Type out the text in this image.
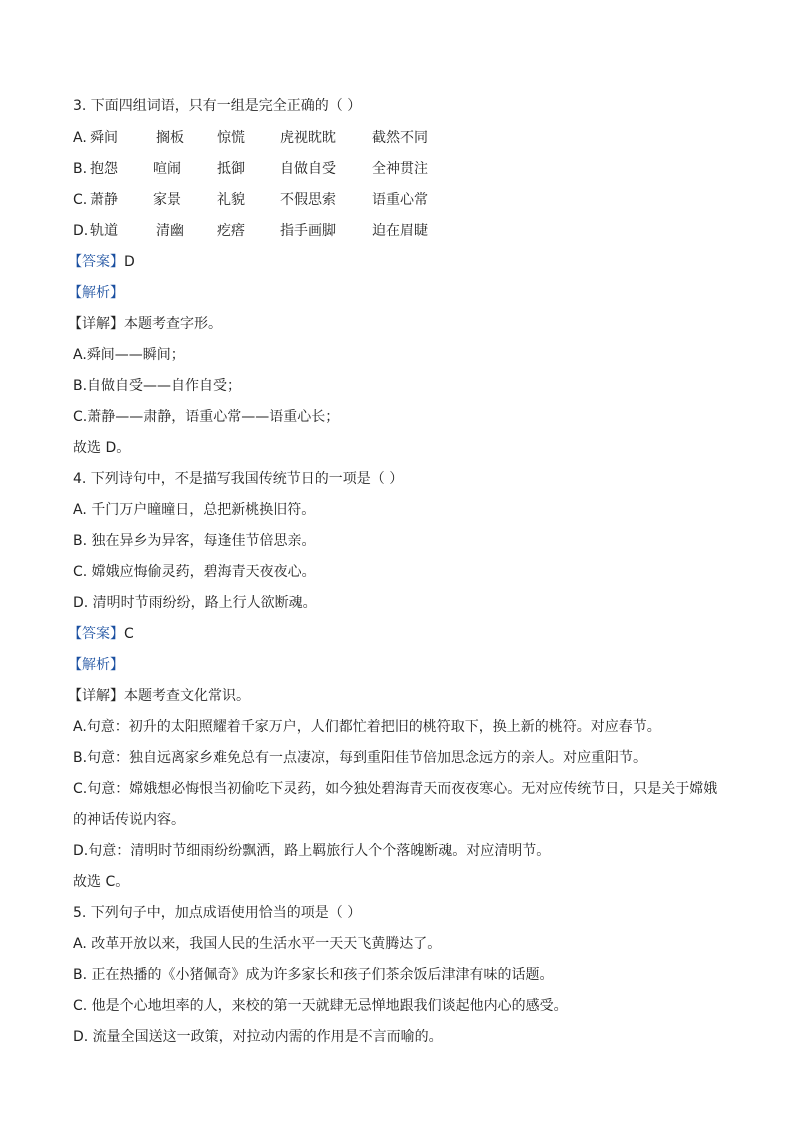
3. 下面四组词语，只有一组是完全正确的（ ）
A. 舜间	搁板 惊慌	虎视眈眈	截然不同
B. 抱怨	喧闹	抵御	自做自受	全神贯注
C. 萧静	家景	礼貌	不假思索	语重心常
D. 轨道	清幽 疙瘩	指手画脚	迫在眉睫
【答案】D
【解析】
【详解】本题考查字形。
A.舜间——瞬间；
B.自做自受——自作自受；
C.萧静——肃静，语重心常——语重心长；
故选 D。
4. 下列诗句中，不是描写我国传统节日的一项是（ ）
A. 千门万户曈曈日，总把新桃换旧符。
B. 独在异乡为异客，每逢佳节倍思亲。
C. 嫦娥应悔偷灵药，碧海青天夜夜心。
D. 清明时节雨纷纷，路上行人欲断魂。
【答案】C
【解析】
【详解】本题考查文化常识。
A.句意：初升的太阳照耀着千家万户，人们都忙着把旧的桃符取下，换上新的桃符。对应春节。
B.句意：独自远离家乡难免总有一点凄凉，每到重阳佳节倍加思念远方的亲人。对应重阳节。
C.句意：嫦娥想必悔恨当初偷吃下灵药，如今独处碧海青天而夜夜寒心。无对应传统节日，只是关于嫦娥
的神话传说内容。
D.句意：清明时节细雨纷纷飘洒，路上羁旅行人个个落魄断魂。对应清明节。
故选 C。
5. 下列句子中，加点成语使用恰当的项是（ ）
A. 改革开放以来，我国人民的生活水平一天天飞黄腾达了。
B. 正在热播的《小猪佩奇》成为许多家长和孩子们茶余饭后津津有味的话题。
C. 他是个心地坦率的人，来校的第一天就肆无忌惮地跟我们谈起他内心的感受。
D. 流量全国送这一政策，对拉动内需的作用是不言而喻的。
